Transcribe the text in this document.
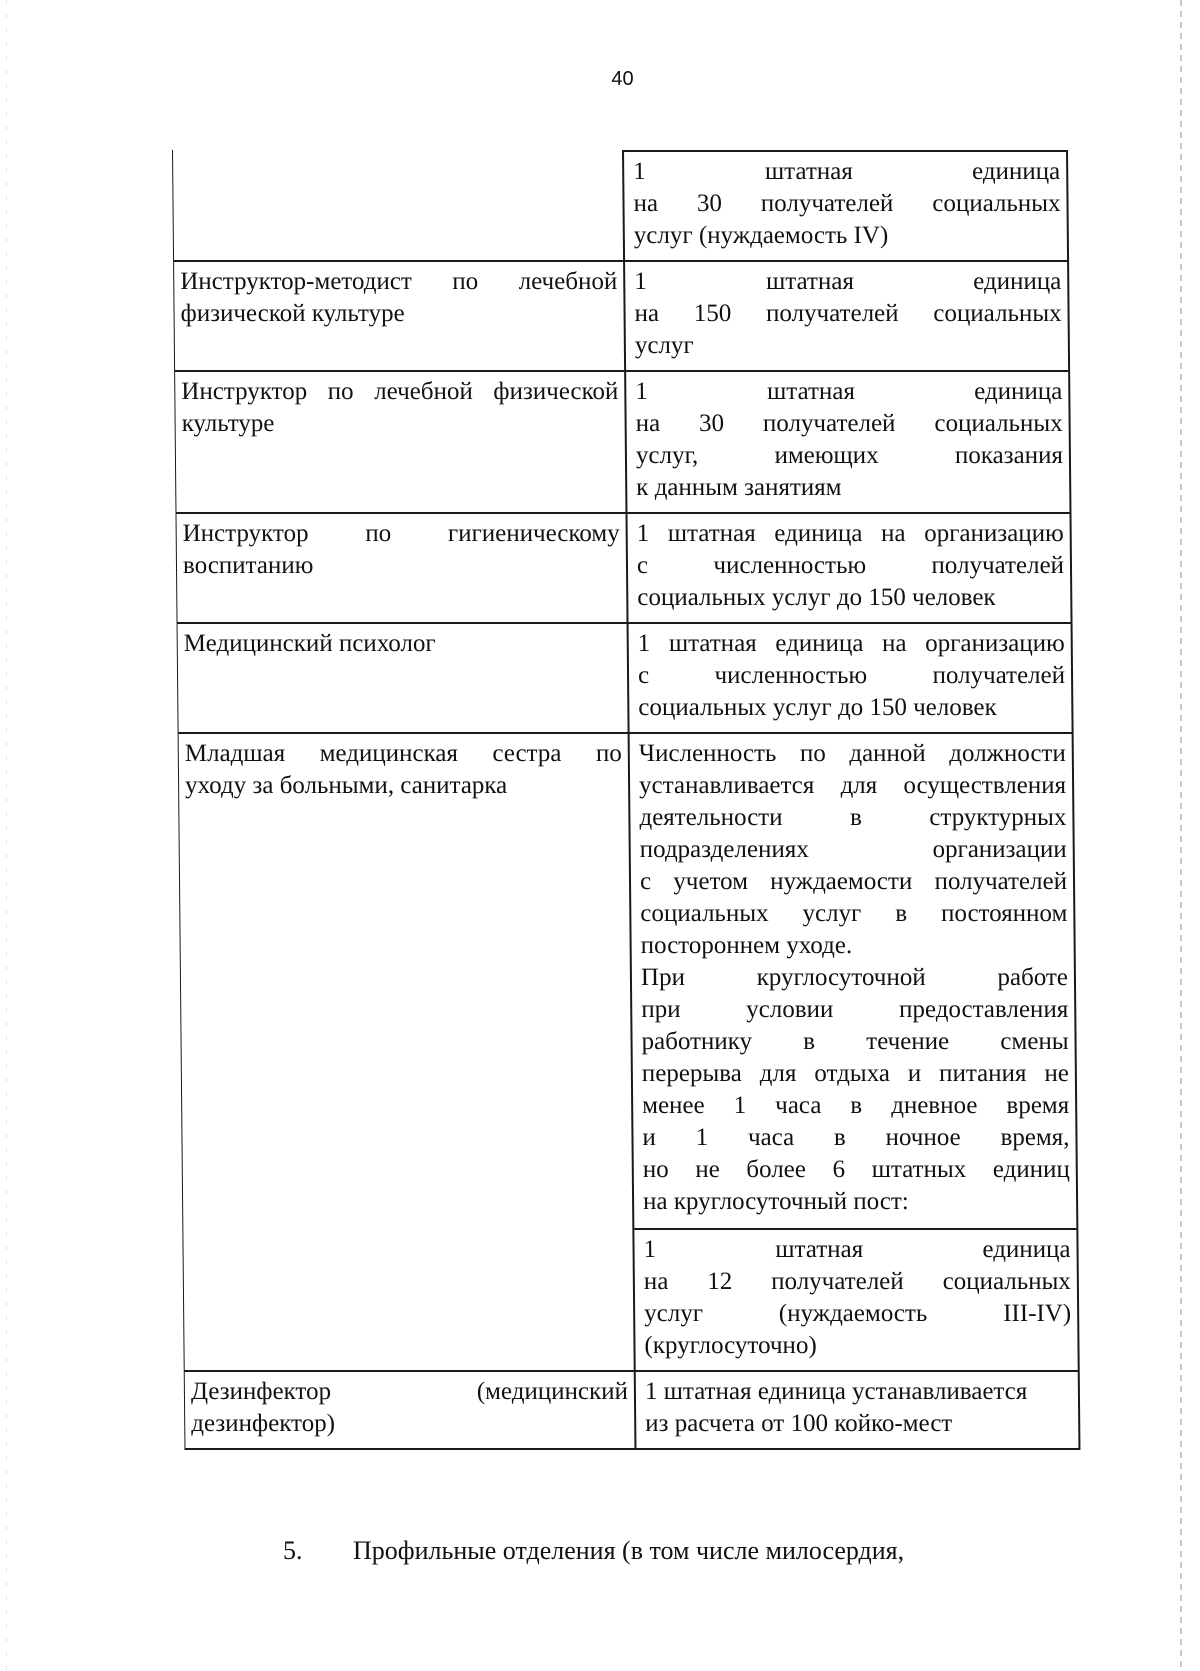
40
1 штатная единица
на 30 получателей социальных
услуг (нуждаемость IV)
Инструктор-методист по лечебной
физической культуре
1 штатная единица
на 150 получателей социальных
услуг
Инструктор по лечебной физической
культуре
1 штатная единица
на 30 получателей социальных
услуг, имеющих показания
к данным занятиям
Инструктор по гигиеническому
воспитанию
1 штатная единица на организацию
с численностью получателей
социальных услуг до 150 человек
Медицинский психолог	1 штатная единица на организацию
с численностью получателей
социальных услуг до 150 человек
Младшая медицинская сестра по
уходу за больными, санитарка
Численность по данной должности
устанавливается для осуществления
деятельности в структурных
подразделениях организации
с учетом нуждаемости получателей
социальных услуг в постоянном
постороннем уходе.
При круглосуточной работе
при условии предоставления
работнику в течение смены
перерыва для отдыха и питания не
менее 1 часа в дневное время
и 1 часа в ночное время,
но не более 6 штатных единиц
на круглосуточный пост:
1 штатная единица
на 12 получателей социальных
услуг (нуждаемость III-IV)
(круглосуточно)
Дезинфектор (медицинский
дезинфектор)
1 штатная единица устанавливается
из расчета от 100 койко-мест
5. Профильные отделения (в том числе милосердия,
